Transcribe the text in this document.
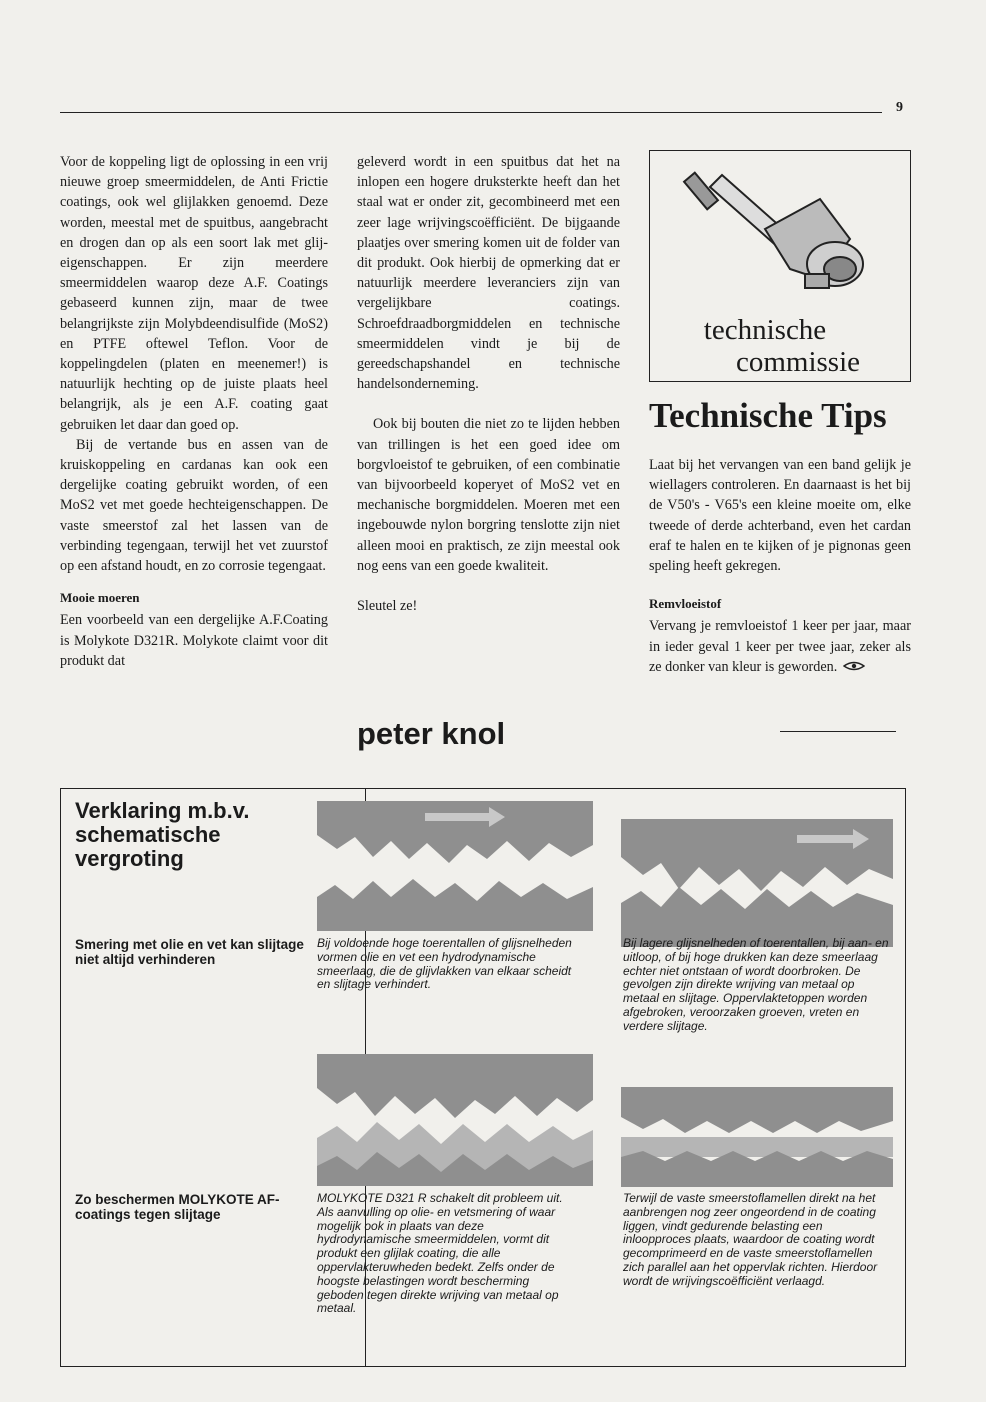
9

Voor de koppeling ligt de oplossing in een vrij nieuwe groep smeermiddelen, de Anti Frictie coatings, ook wel glijlakken genoemd. Deze worden, meestal met de spuitbus, aangebracht en drogen dan op als een soort lak met glij-eigenschappen. Er zijn meerdere smeermiddelen waarop deze A.F. Coatings gebaseerd kunnen zijn, maar de twee belangrijkste zijn Molybdeendisulfide (MoS2) en PTFE oftewel Teflon. Voor de koppelingdelen (platen en meenemer!) is natuurlijk hechting op de juiste plaats heel belangrijk, als je een A.F. coating gaat gebruiken let daar dan goed op.

Bij de vertande bus en assen van de kruiskoppeling en cardanas kan ook een dergelijke coating gebruikt worden, of een MoS2 vet met goede hechteigenschappen. De vaste smeerstof zal het lassen van de verbinding tegengaan, terwijl het vet zuurstof op een afstand houdt, en zo corrosie tegengaat.

Mooie moeren

Een voorbeeld van een dergelijke A.F.Coating is Molykote D321R. Molykote claimt voor dit produkt dat

geleverd wordt in een spuitbus dat het na inlopen een hogere druksterkte heeft dan het staal wat er onder zit, gecombineerd met een zeer lage wrijvingscoëfficiënt. De bijgaande plaatjes over smering komen uit de folder van dit produkt. Ook hierbij de opmerking dat er natuurlijk meerdere leveranciers zijn van vergelijkbare coatings. Schroefdraadborgmiddelen en technische smeermiddelen vindt je bij de gereedschapshandel en technische handelsonderneming.

Ook bij bouten die niet zo te lijden hebben van trillingen is het een goed idee om borgvloeistof te gebruiken, of een combinatie van bijvoorbeeld koperyet of MoS2 vet en mechanische borgmiddelen. Moeren met een ingebouwde nylon borgring tenslotte zijn niet alleen mooi en praktisch, ze zijn meestal ook nog eens van een goede kwaliteit.

Sleutel ze!

peter knol
technische
commissie
Technische Tips

Laat bij het vervangen van een band gelijk je wiellagers controleren. En daarnaast is het bij de V50's - V65's een kleine moeite om, elke tweede of derde achterband, even het cardan eraf te halen en te kijken of je pignonas geen speling heeft gekregen.

Remvloeistof

Vervang je remvloeistof 1 keer per jaar, maar in ieder geval 1 keer per twee jaar, zeker als ze donker van kleur is geworden.

Verklaring m.b.v. schematische vergroting
Smering met olie en vet kan slijtage niet altijd verhinderen
Zo beschermen MOLYKOTE AF-coatings tegen slijtage
Bij voldoende hoge toerentallen of glijsnelheden vormen olie en vet een hydrodynamische smeerlaag, die de glijvlakken van elkaar scheidt en slijtage verhindert.
Bij lagere glijsnelheden of toerentallen, bij aan- en uitloop, of bij hoge drukken kan deze smeerlaag echter niet ontstaan of wordt doorbroken. De gevolgen zijn direkte wrijving van metaal op metaal en slijtage. Oppervlaktetoppen worden afgebroken, veroorzaken groeven, vreten en verdere slijtage.
MOLYKOTE D321 R schakelt dit probleem uit. Als aanvulling op olie- en vetsmering of waar mogelijk ook in plaats van deze hydrodynamische smeermiddelen, vormt dit produkt een glijlak coating, die alle oppervlakteruwheden bedekt. Zelfs onder de hoogste belastingen wordt bescherming geboden tegen direkte wrijving van metaal op metaal.
Terwijl de vaste smeerstoflamellen direkt na het aanbrengen nog zeer ongeordend in de coating liggen, vindt gedurende belasting een inloopproces plaats, waardoor de coating wordt gecomprimeerd en de vaste smeerstoflamellen zich parallel aan het oppervlak richten. Hierdoor wordt de wrijvingscoëfficiënt verlaagd.
